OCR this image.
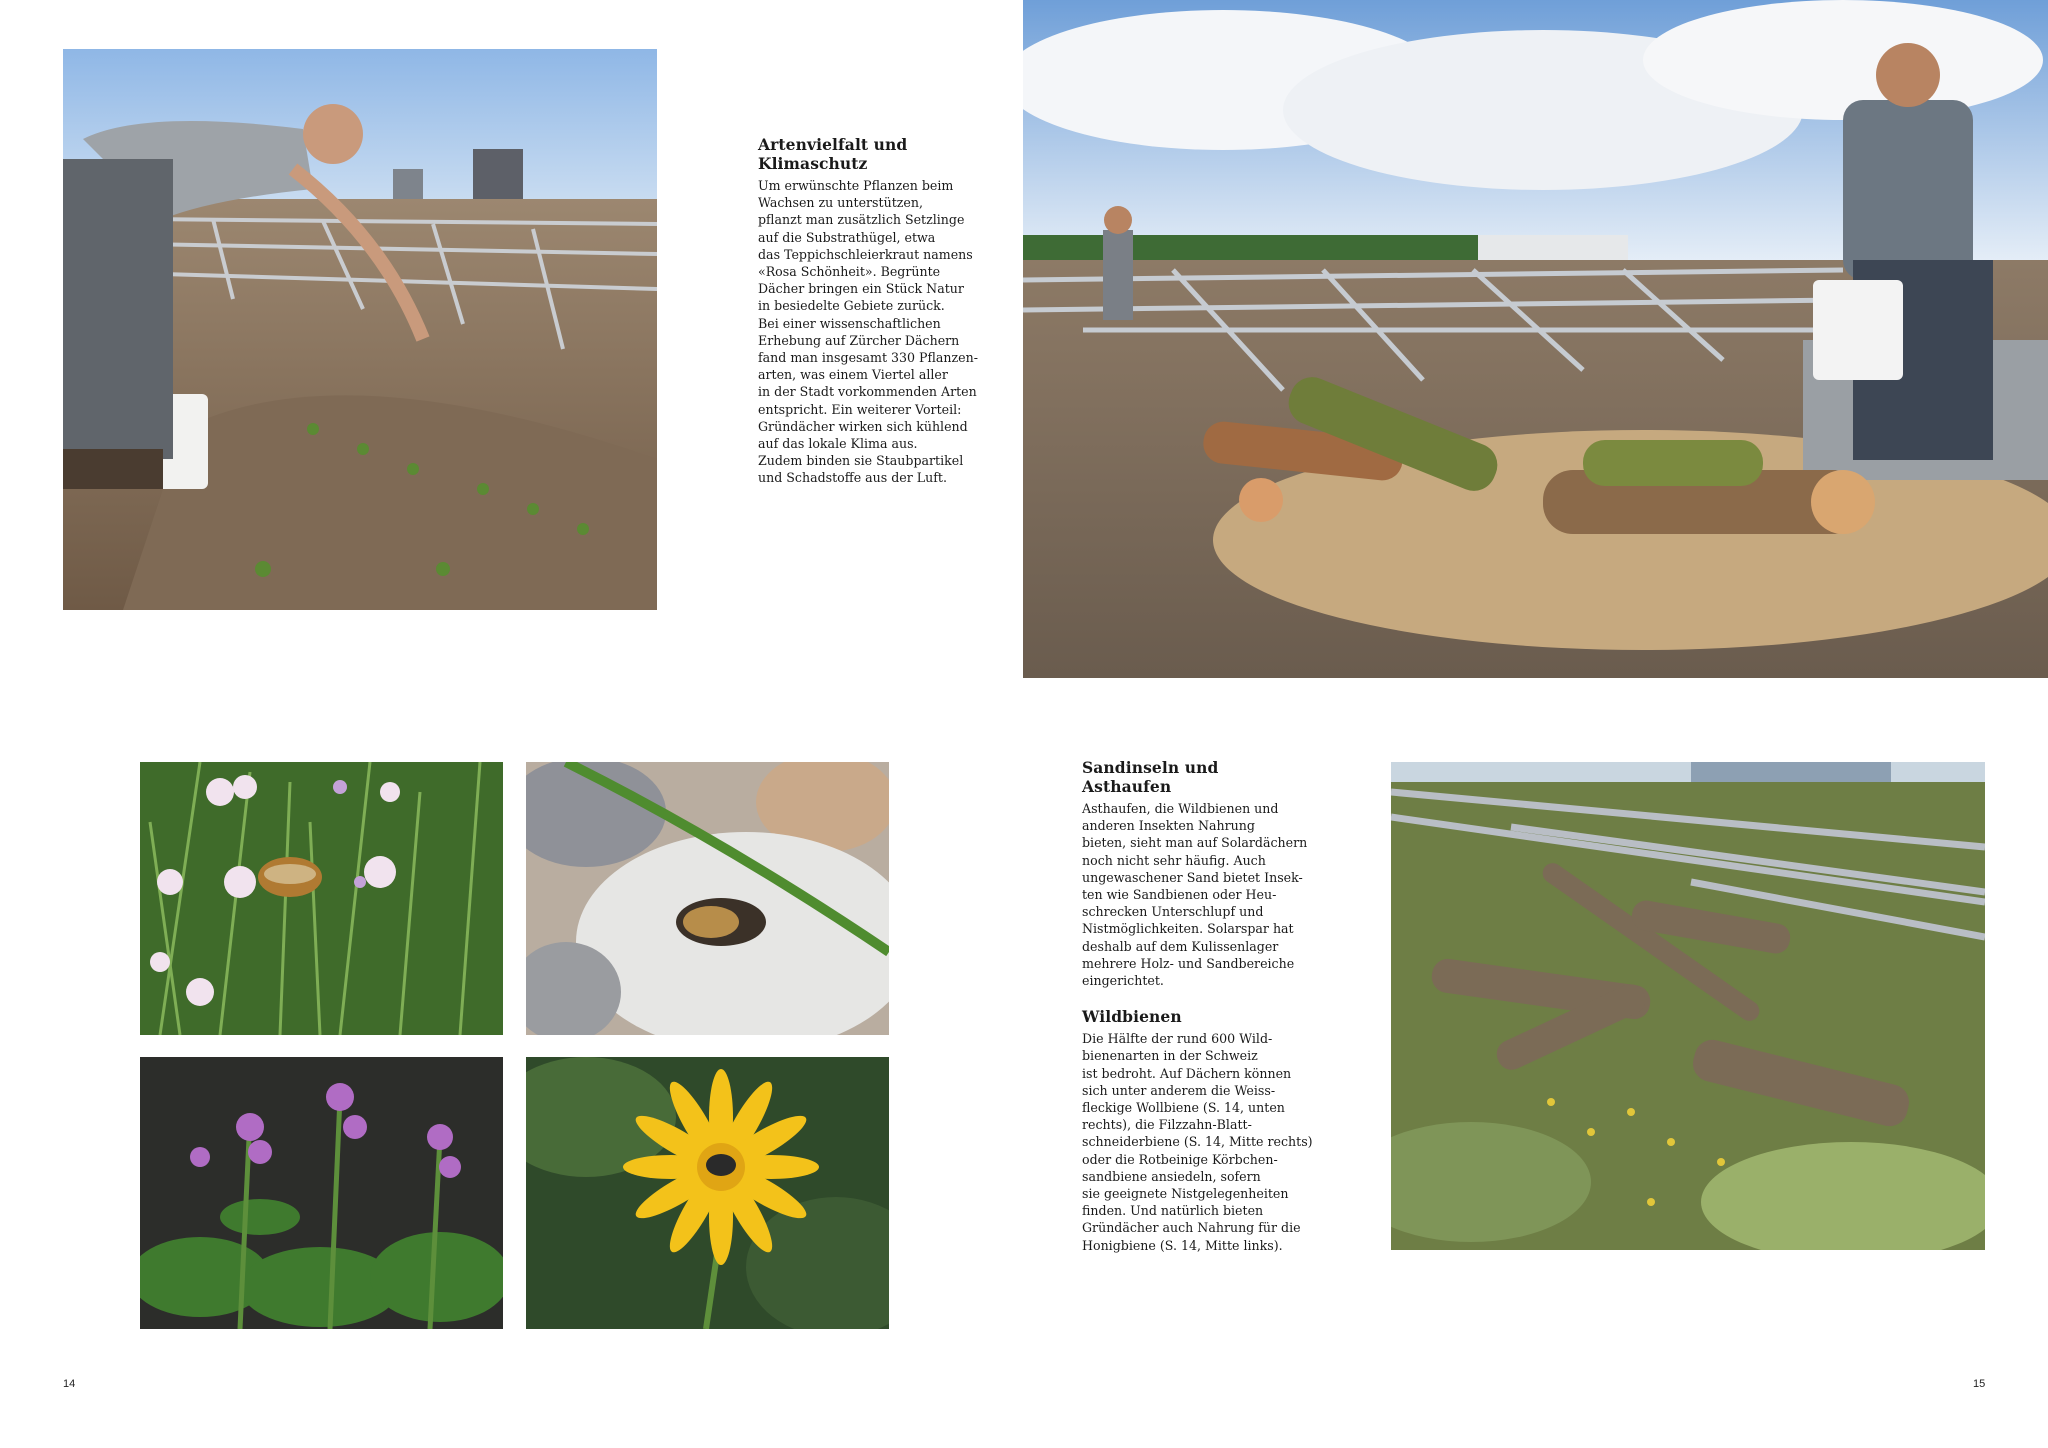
Artenvielfalt und
Klimaschutz

Um erwünschte Pflanzen beim
Wachsen zu unterstützen,
pflanzt man zusätzlich Setzlinge
auf die Substrathügel, etwa
das Teppichschleierkraut namens
«Rosa Schönheit». Begrünte
Dächer bringen ein Stück Natur
in besiedelte Gebiete zurück.
Bei einer wissenschaftlichen
Erhebung auf Zürcher Dächern
fand man insgesamt 330 Pflanzen-
arten, was einem Viertel aller
in der Stadt vorkommenden Arten
entspricht. Ein weiterer Vorteil:
Gründächer wirken sich kühlend
auf das lokale Klima aus.
Zudem binden sie Staubpartikel
und Schadstoffe aus der Luft.

Sandinseln und Asthaufen

Asthaufen, die Wildbienen und
anderen Insekten Nahrung
bieten, sieht man auf Solardächern
noch nicht sehr häufig. Auch
ungewaschener Sand bietet Insek-
ten wie Sandbienen oder Heu-
schrecken Unterschlupf und
Nistmöglichkeiten. Solarspar hat
deshalb auf dem Kulissenlager
mehrere Holz- und Sandbereiche
eingerichtet.

Wildbienen

Die Hälfte der rund 600 Wild-
bienenarten in der Schweiz
ist bedroht. Auf Dächern können
sich unter anderem die Weiss-
fleckige Wollbiene (S. 14, unten
rechts), die Filzzahn-Blatt-
schneiderbiene (S. 14, Mitte rechts)
oder die Rotbeinige Körbchen-
sandbiene ansiedeln, sofern
sie geeignete Nistgelegenheiten
finden. Und natürlich bieten
Gründächer auch Nahrung für die
Honigbiene (S. 14, Mitte links).

14	15
